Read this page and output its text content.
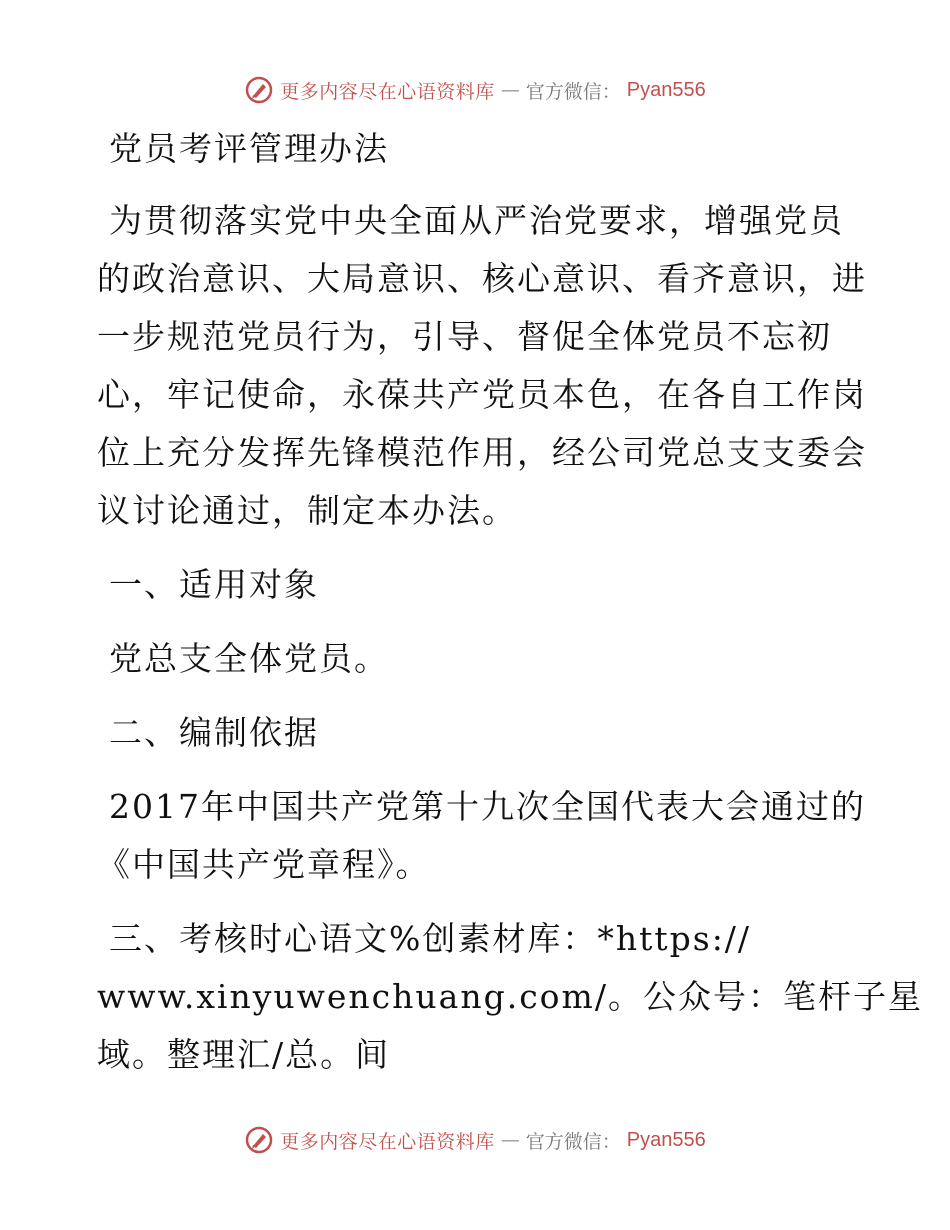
更多内容尽在心语资料库 — 官方微信： Pyan556
党员考评管理办法
为贯彻落实党中央全面从严治党要求，增强党员
的政治意识、大局意识、核心意识、看齐意识，进
一步规范党员行为，引导、督促全体党员不忘初
心，牢记使命，永葆共产党员本色，在各自工作岗
位上充分发挥先锋模范作用，经公司党总支支委会
议讨论通过，制定本办法。
一、适用对象
党总支全体党员。
二、编制依据
2017年中国共产党第十九次全国代表大会通过的
《中国共产党章程》。
三、考核时心语文%创素材库：*https://
www.xinyuwenchuang.com/。公众号：笔杆子星
域。整理汇/总。间
更多内容尽在心语资料库 — 官方微信： Pyan556
